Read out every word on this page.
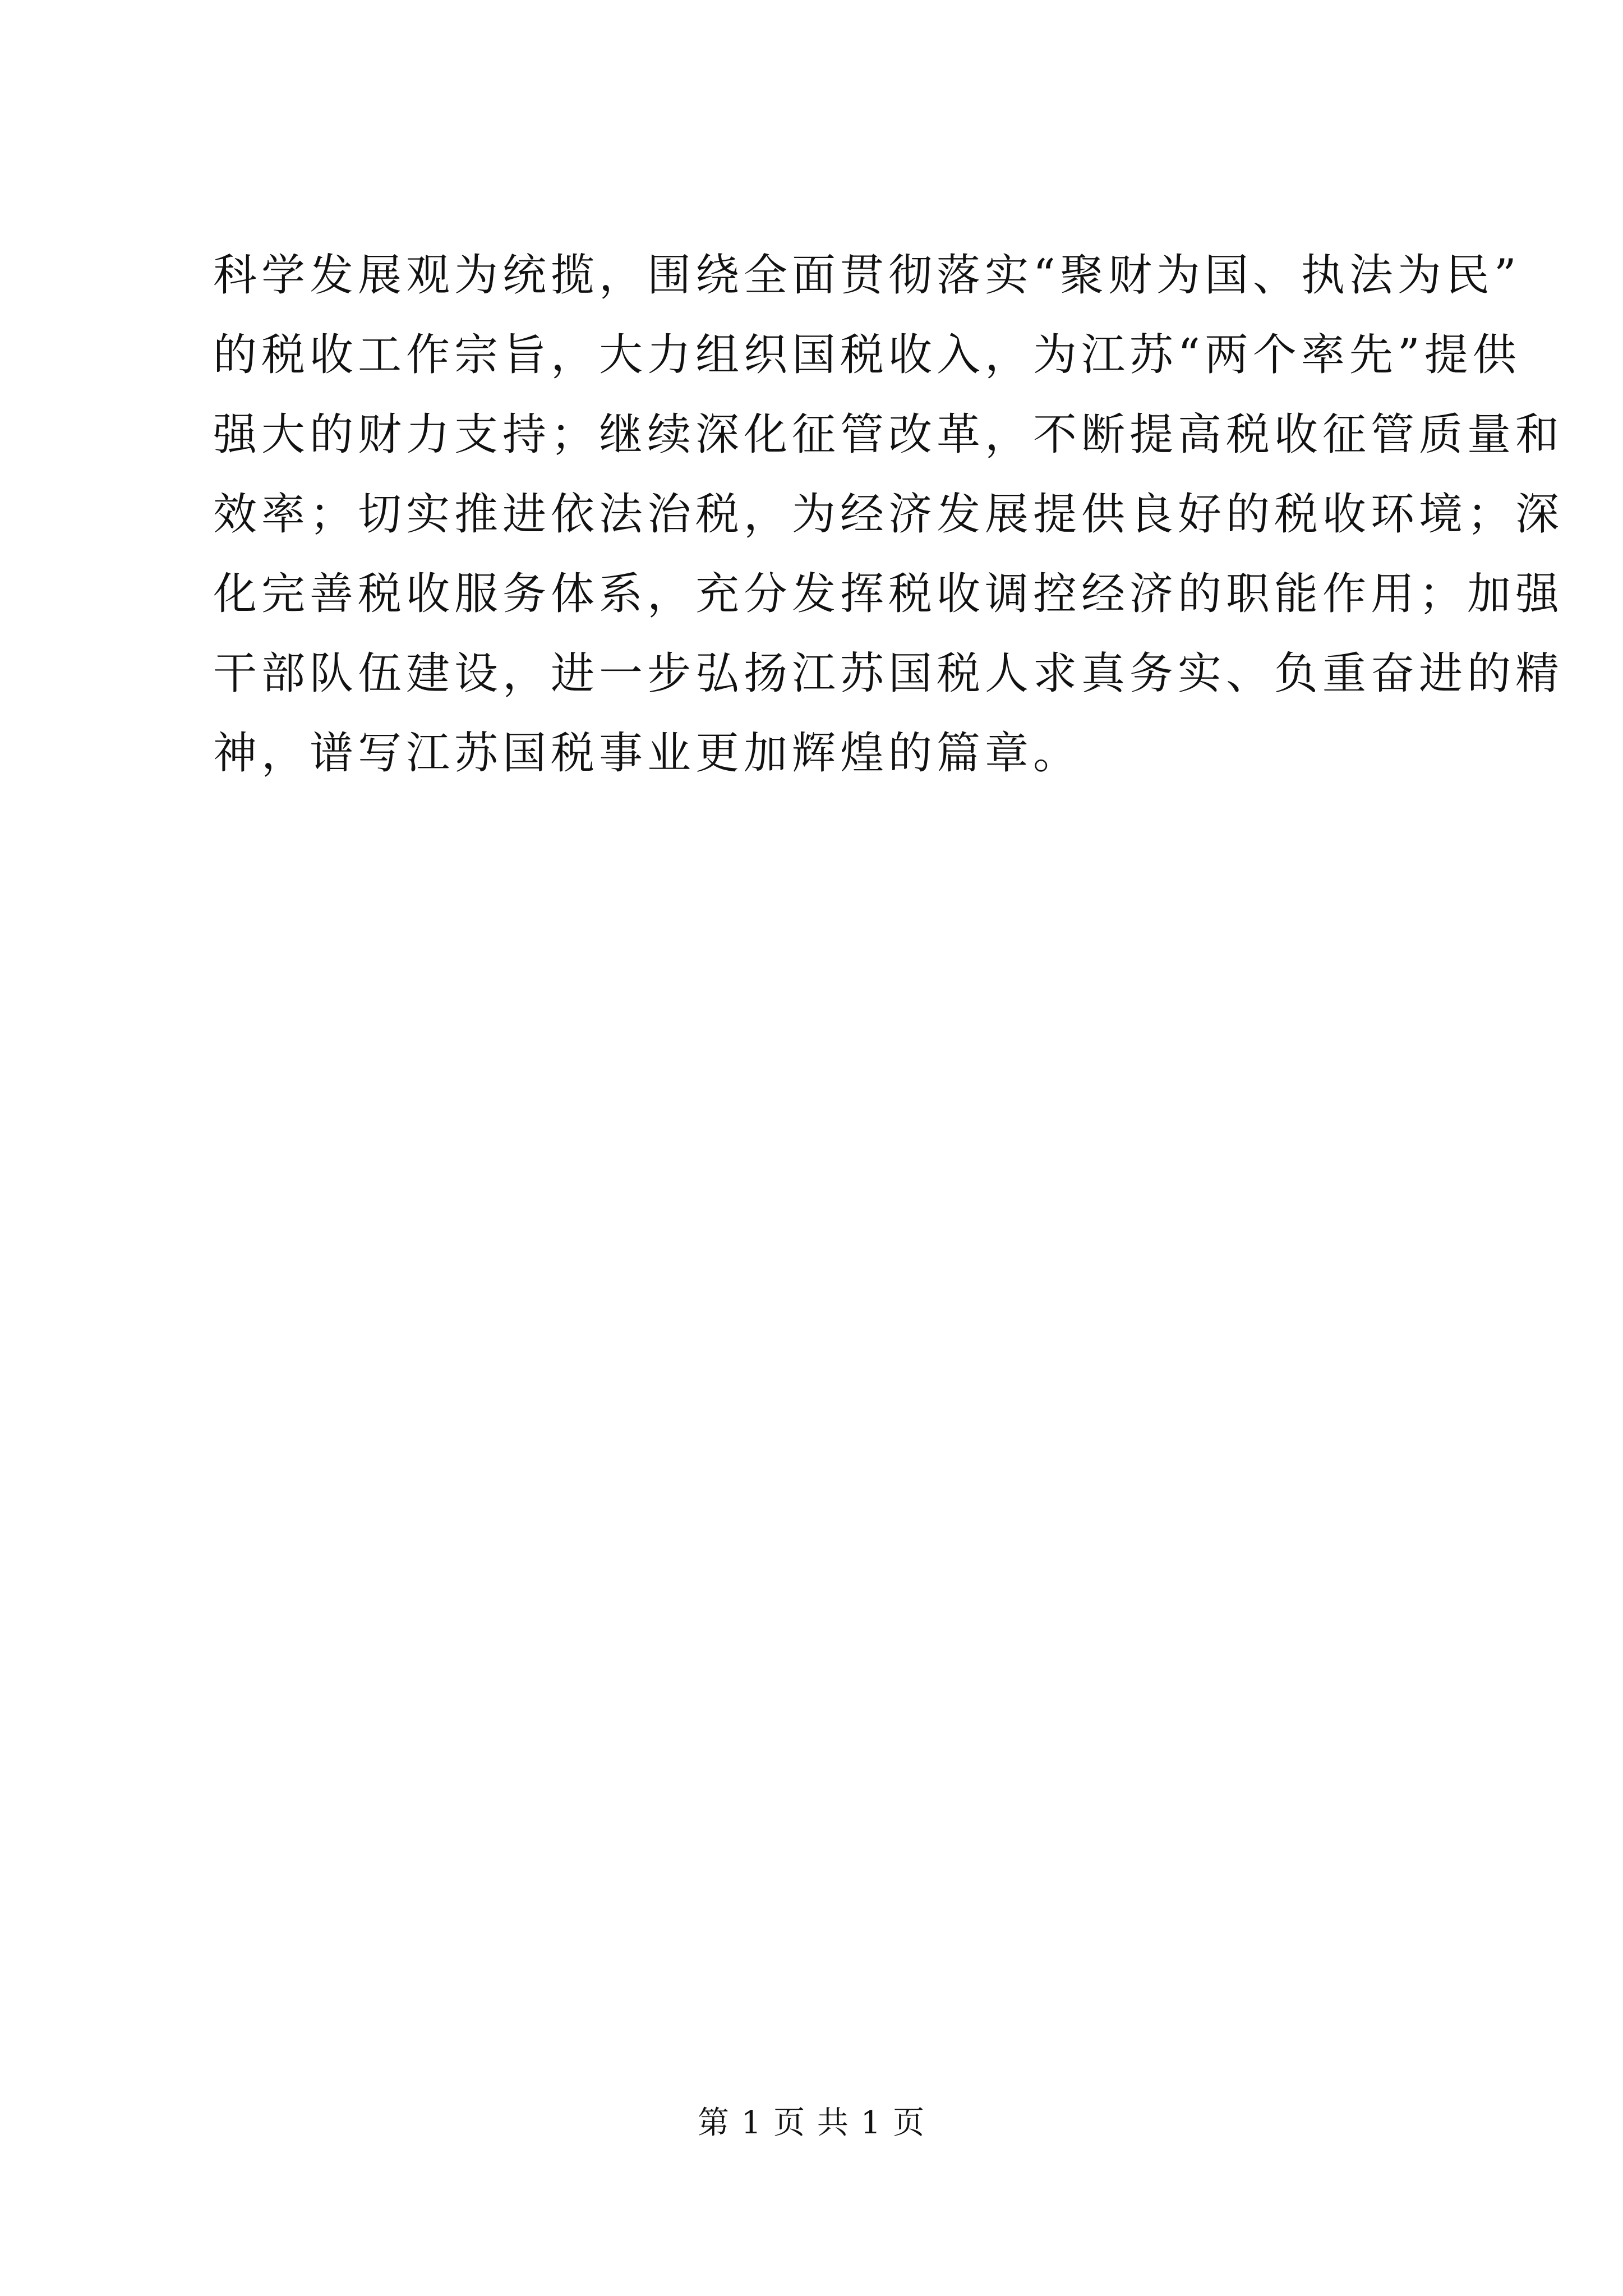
科学发展观为统揽，围绕全面贯彻落实“聚财为国、执法为民”
的税收工作宗旨，大力组织国税收入，为江苏“两个率先”提供
强大的财力支持；继续深化征管改革，不断提高税收征管质量和
效率；切实推进依法治税，为经济发展提供良好的税收环境；深
化完善税收服务体系，充分发挥税收调控经济的职能作用；加强
干部队伍建设，进一步弘扬江苏国税人求真务实、负重奋进的精
神，谱写江苏国税事业更加辉煌的篇章。
第 1 页 共 1 页
